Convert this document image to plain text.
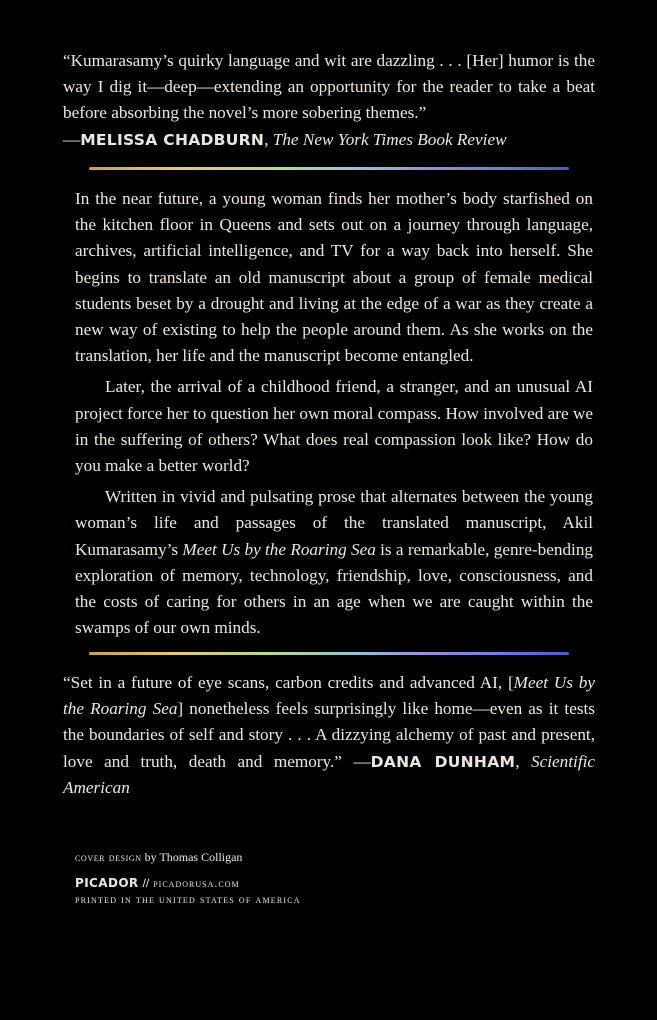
“Kumarasamy’s quirky language and wit are dazzling . . . [Her] humor is the way I dig it—deep—extending an opportunity for the reader to take a beat before absorbing the novel’s more sobering themes.”
—MELISSA CHADBURN, The New York Times Book Review

In the near future, a young woman finds her mother’s body starfished on the kitchen floor in Queens and sets out on a journey through language, archives, artificial intelligence, and TV for a way back into herself. She begins to translate an old manuscript about a group of female medical students beset by a drought and living at the edge of a war as they create a new way of existing to help the people around them. As she works on the translation, her life and the manuscript become entangled.

Later, the arrival of a childhood friend, a stranger, and an unusual AI project force her to question her own moral compass. How involved are we in the suffering of others? What does real compassion look like? How do you make a better world?

Written in vivid and pulsating prose that alternates between the young woman’s life and passages of the translated manuscript, Akil Kumarasamy’s Meet Us by the Roaring Sea is a remarkable, genre-bending exploration of memory, technology, friendship, love, consciousness, and the costs of caring for others in an age when we are caught within the swamps of our own minds.

“Set in a future of eye scans, carbon credits and advanced AI, [Meet Us by the Roaring Sea] nonetheless feels surprisingly like home—even as it tests the boundaries of self and story . . . A dizzying alchemy of past and present, love and truth, death and memory.” —DANA DUNHAM, Scientific American
cover design by Thomas Colligan
PICADOR // picadorusa.com
printed in the united states of america
